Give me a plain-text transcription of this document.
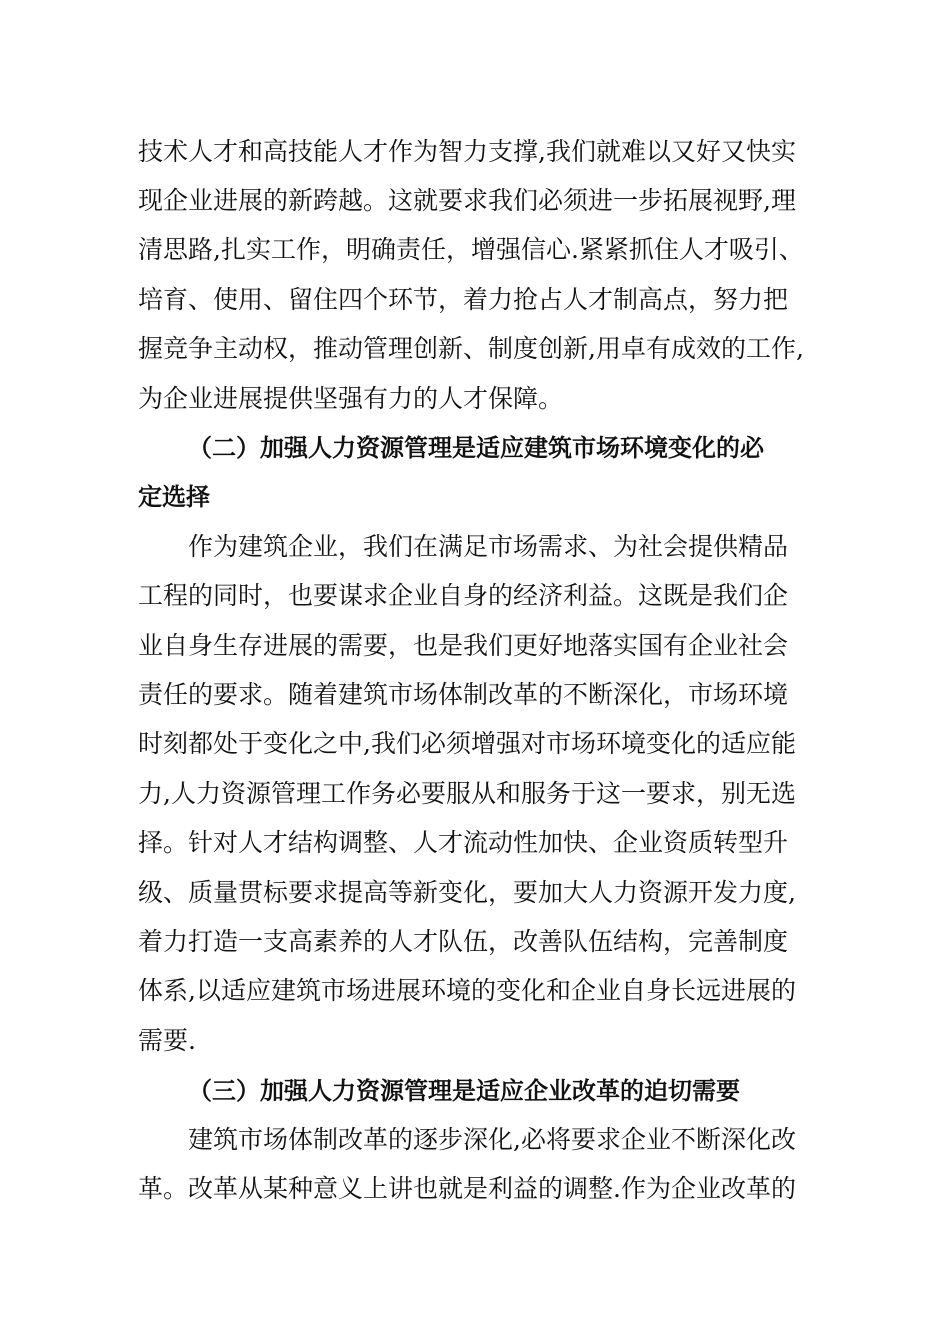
技术人才和高技能人才作为智力支撑,我们就难以又好又快实
现企业进展的新跨越。这就要求我们必须进一步拓展视野,理
清思路,扎实工作，明确责任，增强信心.紧紧抓住人才吸引、
培育、使用、留住四个环节，着力抢占人才制高点，努力把
握竞争主动权，推动管理创新、制度创新,用卓有成效的工作,
为企业进展提供坚强有力的人才保障。
（二）加强人力资源管理是适应建筑市场环境变化的必
定选择
作为建筑企业，我们在满足市场需求、为社会提供精品
工程的同时，也要谋求企业自身的经济利益。这既是我们企
业自身生存进展的需要，也是我们更好地落实国有企业社会
责任的要求。随着建筑市场体制改革的不断深化，市场环境
时刻都处于变化之中,我们必须增强对市场环境变化的适应能
力,人力资源管理工作务必要服从和服务于这一要求，别无选
择。针对人才结构调整、人才流动性加快、企业资质转型升
级、质量贯标要求提高等新变化，要加大人力资源开发力度,
着力打造一支高素养的人才队伍，改善队伍结构，完善制度
体系,以适应建筑市场进展环境的变化和企业自身长远进展的
需要.
（三）加强人力资源管理是适应企业改革的迫切需要
建筑市场体制改革的逐步深化,必将要求企业不断深化改
革。改革从某种意义上讲也就是利益的调整.作为企业改革的
